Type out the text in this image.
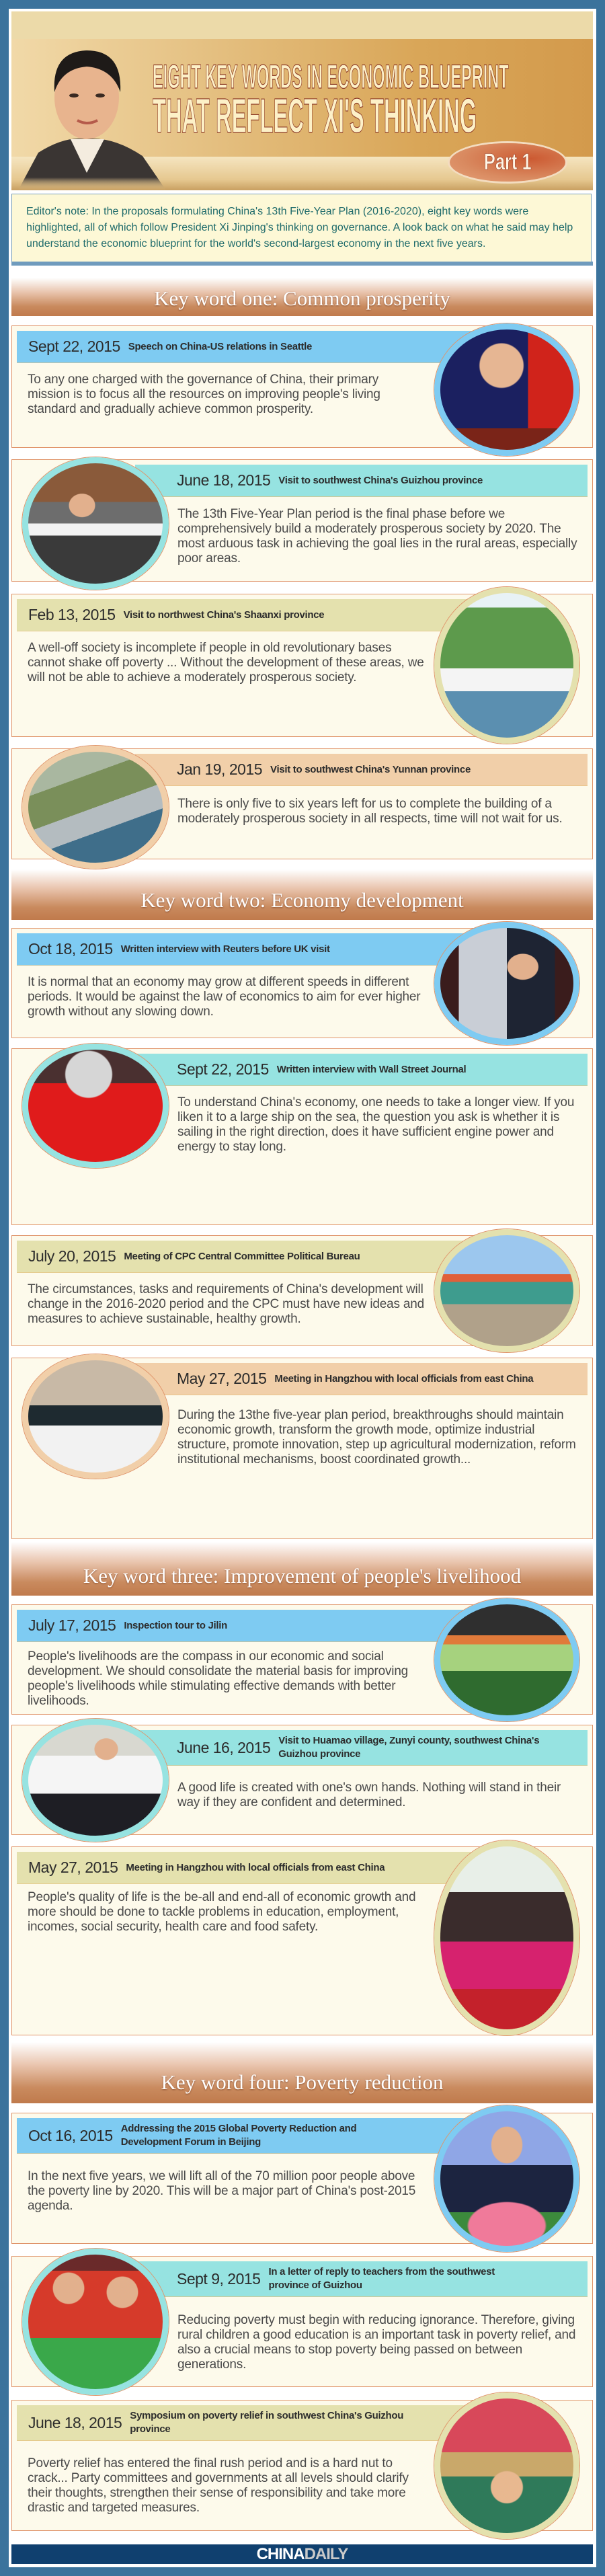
EIGHT KEY WORDS IN ECONOMIC BLUEPRINT
THAT REFLECT XI'S THINKING
Part 1
Editor's note: In the proposals formulating China's 13th Five-Year Plan (2016-2020), eight key words were highlighted, all of which follow President Xi Jinping's thinking on governance. A look back on what he said may help understand the economic blueprint for the world's second-largest economy in the next five years.
Key word one: Common prosperity
Key word two: Economy development
Key word three: Improvement of people's livelihood
Key word four: Poverty reduction
Sept 22, 2015 Speech on China-US relations in Seattle

To any one charged with the governance of China, their primary mission is to focus all the resources on improving people's living standard and gradually achieve common prosperity.

June 18, 2015 Visit to southwest China's Guizhou province

The 13th Five-Year Plan period is the final phase before we comprehensively build a moderately prosperous society by 2020. The most arduous task in achieving the goal lies in the rural areas, especially poor areas.

Feb 13, 2015 Visit to northwest China's Shaanxi province

A well-off society is incomplete if people in old revolutionary bases cannot shake off poverty ... Without the development of these areas, we will not be able to achieve a moderately prosperous society.

Jan 19, 2015 Visit to southwest China's Yunnan province

There is only five to six years left for us to complete the building of a moderately prosperous society in all respects, time will not wait for us.

Oct 18, 2015 Written interview with Reuters before UK visit

It is normal that an economy may grow at different speeds in different periods. It would be against the law of economics to aim for ever higher growth without any slowing down.

Sept 22, 2015 Written interview with Wall Street Journal

To understand China's economy, one needs to take a longer view. If you liken it to a large ship on the sea, the question you ask is whether it is sailing in the right direction, does it have sufficient engine power and energy to stay long.

July 20, 2015 Meeting of CPC Central Committee Political Bureau

The circumstances, tasks and requirements of China's development will change in the 2016-2020 period and the CPC must have new ideas and measures to achieve sustainable, healthy growth.

May 27, 2015 Meeting in Hangzhou with local officials from east China

During the 13the five-year plan period, breakthroughs should maintain economic growth, transform the growth mode, optimize industrial structure, promote innovation, step up agricultural modernization, reform institutional mechanisms, boost coordinated growth...

July 17, 2015 Inspection tour to Jilin

People's livelihoods are the compass in our economic and social development. We should consolidate the material basis for improving people's livelihoods while stimulating effective demands with better livelihoods.

June 16, 2015 Visit to Huamao village, Zunyi county, southwest China's Guizhou province

A good life is created with one's own hands. Nothing will stand in their way if they are confident and determined.

May 27, 2015 Meeting in Hangzhou with local officials from east China

People's quality of life is the be-all and end-all of economic growth and more should be done to tackle problems in education, employment, incomes, social security, health care and food safety.

Oct 16, 2015 Addressing the 2015 Global Poverty Reduction and Development Forum in Beijing

In the next five years, we will lift all of the 70 million poor people above the poverty line by 2020. This will be a major part of China's post-2015 agenda.

Sept 9, 2015 In a letter of reply to teachers from the southwest province of Guizhou

Reducing poverty must begin with reducing ignorance. Therefore, giving rural children a good education is an important task in poverty relief, and also a crucial means to stop poverty being passed on between generations.

June 18, 2015 Symposium on poverty relief in southwest China's Guizhou province

Poverty relief has entered the final rush period and is a hard nut to crack... Party committees and governments at all levels should clarify their thoughts, strengthen their sense of responsibility and take more drastic and targeted measures.

CHINA DAILY
